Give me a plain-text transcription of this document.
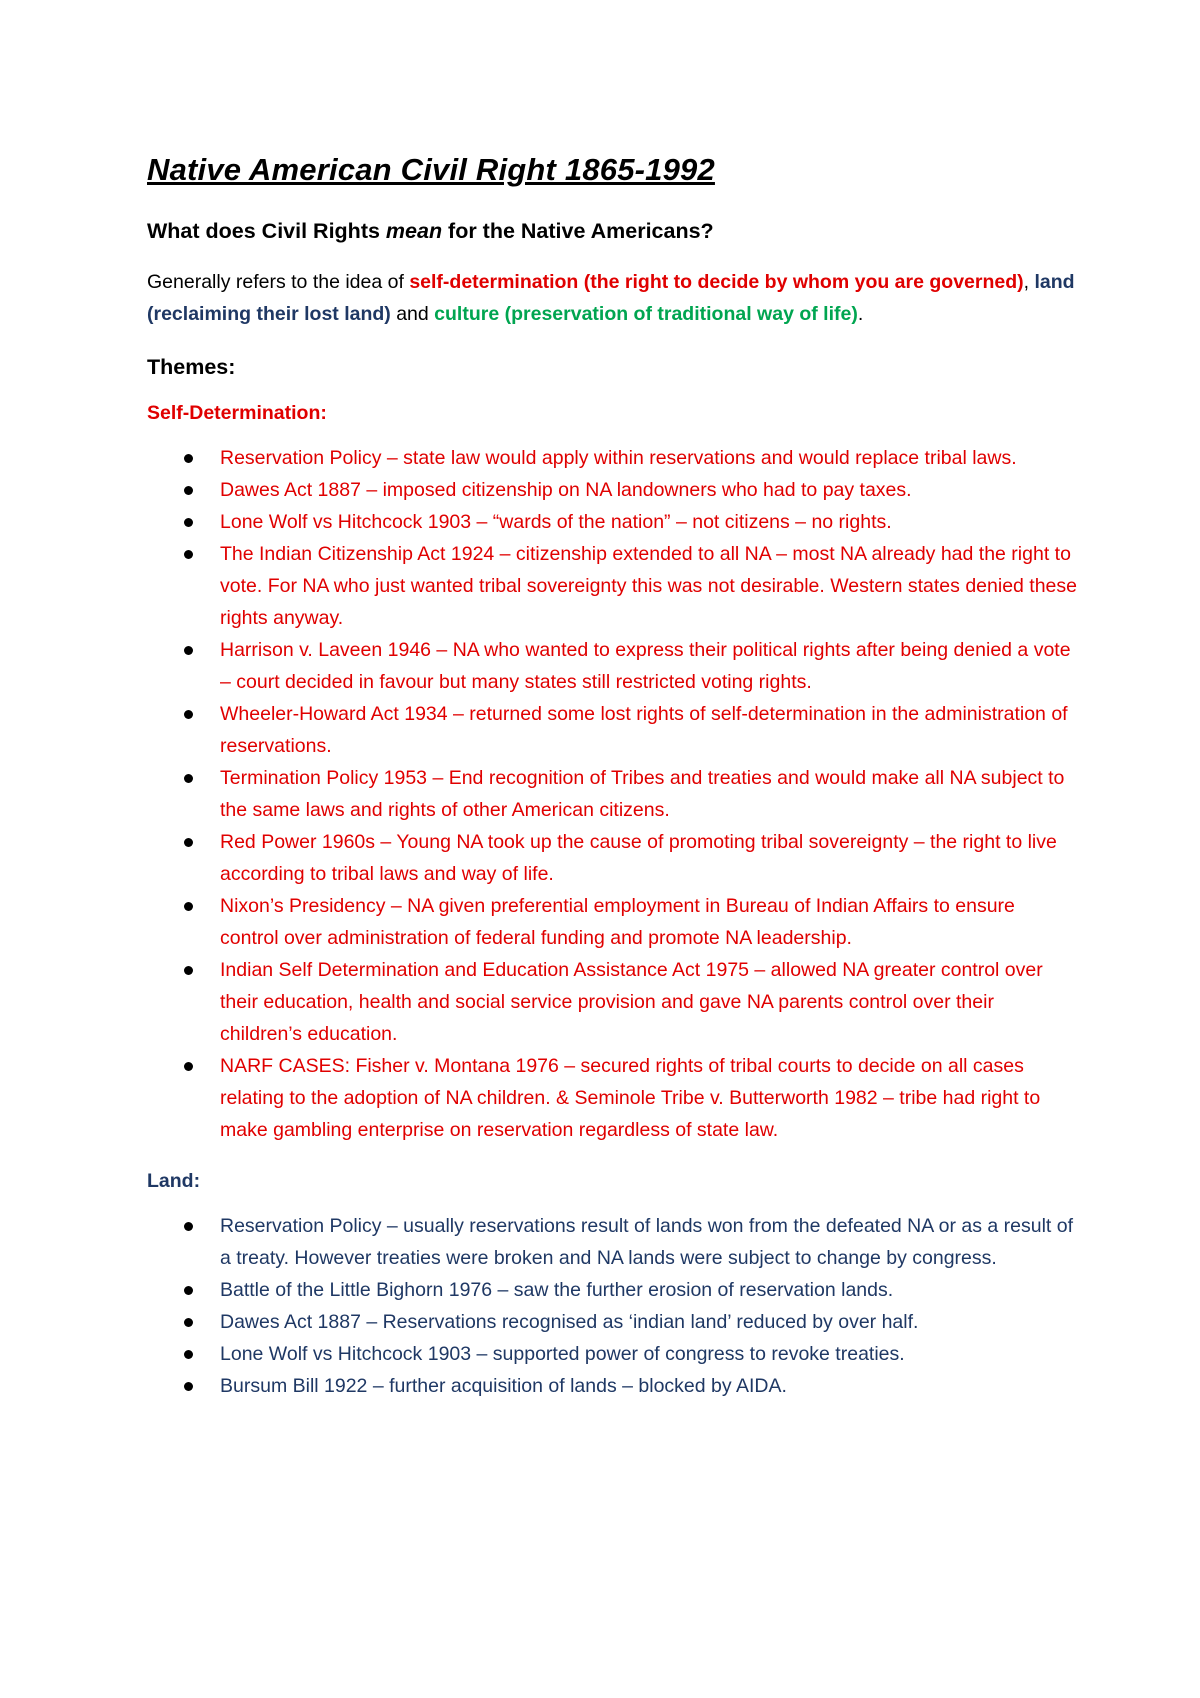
Native American Civil Right 1865-1992
What does Civil Rights mean for the Native Americans?

Generally refers to the idea of self-determination (the right to decide by whom you are governed), land (reclaiming their lost land) and culture (preservation of traditional way of life).

Themes:
Self-Determination:
Reservation Policy – state law would apply within reservations and would replace tribal laws.
Dawes Act 1887 – imposed citizenship on NA landowners who had to pay taxes.
Lone Wolf vs Hitchcock 1903 – “wards of the nation” – not citizens – no rights.
The Indian Citizenship Act 1924 – citizenship extended to all NA – most NA already had the right to vote. For NA who just wanted tribal sovereignty this was not desirable. Western states denied these rights anyway.
Harrison v. Laveen 1946 – NA who wanted to express their political rights after being denied a vote – court decided in favour but many states still restricted voting rights.
Wheeler-Howard Act 1934 – returned some lost rights of self-determination in the administration of reservations.
Termination Policy 1953 – End recognition of Tribes and treaties and would make all NA subject to the same laws and rights of other American citizens.
Red Power 1960s – Young NA took up the cause of promoting tribal sovereignty – the right to live according to tribal laws and way of life.
Nixon’s Presidency – NA given preferential employment in Bureau of Indian Affairs to ensure control over administration of federal funding and promote NA leadership.
Indian Self Determination and Education Assistance Act 1975 – allowed NA greater control over their education, health and social service provision and gave NA parents control over their children’s education.
NARF CASES: Fisher v. Montana 1976 – secured rights of tribal courts to decide on all cases relating to the adoption of NA children. & Seminole Tribe v. Butterworth 1982 – tribe had right to make gambling enterprise on reservation regardless of state law.
Land:
Reservation Policy – usually reservations result of lands won from the defeated NA or as a result of a treaty. However treaties were broken and NA lands were subject to change by congress.
Battle of the Little Bighorn 1976 – saw the further erosion of reservation lands.
Dawes Act 1887 – Reservations recognised as ‘indian land’ reduced by over half.
Lone Wolf vs Hitchcock 1903 – supported power of congress to revoke treaties.
Bursum Bill 1922 – further acquisition of lands – blocked by AIDA.
